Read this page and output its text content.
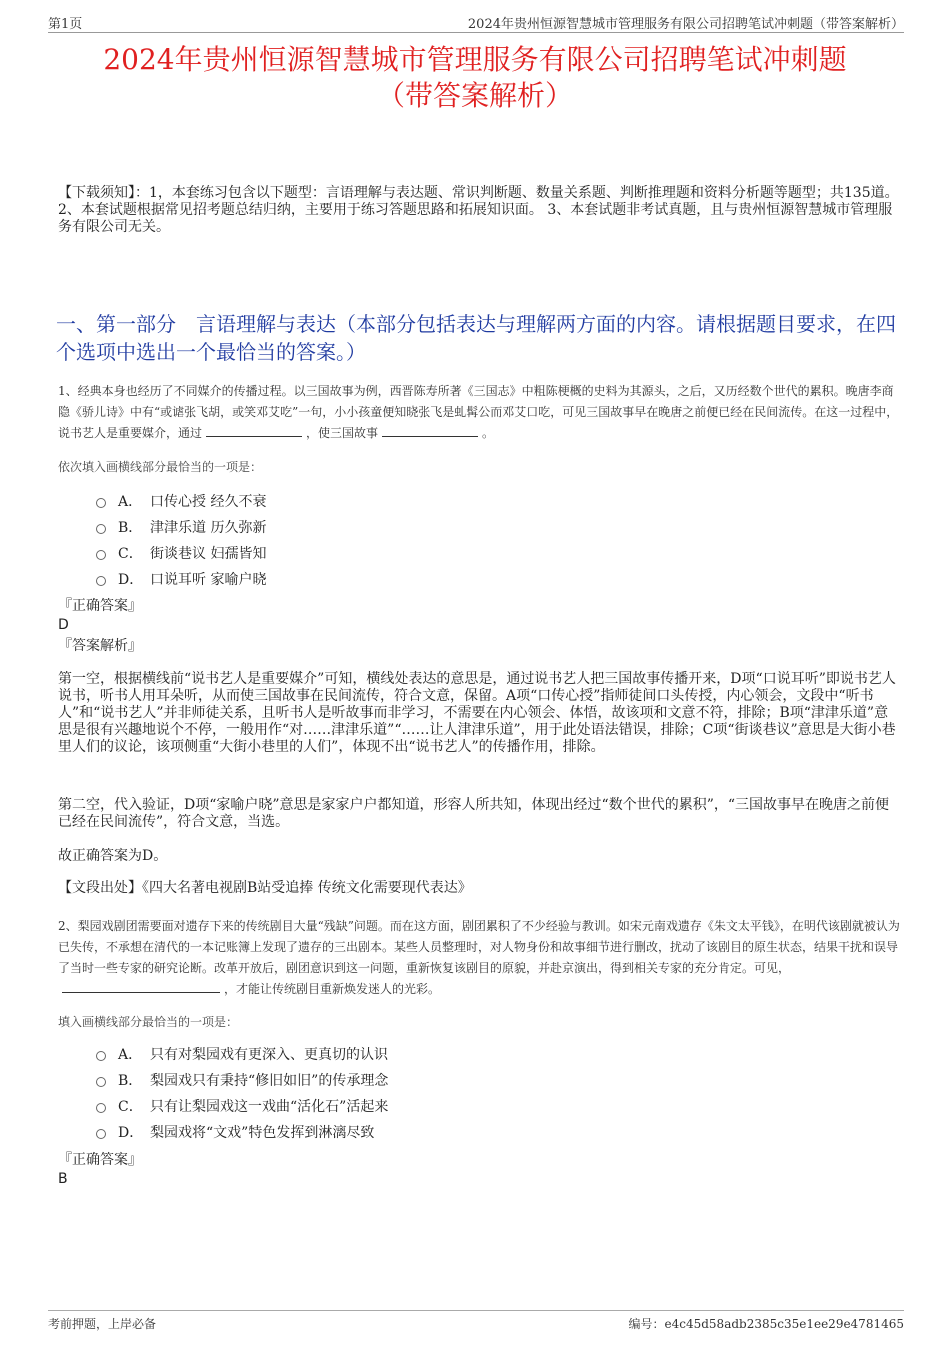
第1页	2024年贵州恒源智慧城市管理服务有限公司招聘笔试冲刺题（带答案解析）
2024年贵州恒源智慧城市管理服务有限公司招聘笔试冲刺题
（带答案解析）
【下载须知】：1，本套练习包含以下题型：言语理解与表达题、常识判断题、数量关系题、判断推理题和资料分析题等题型；共135道。 2、本套试题根据常见招考题总结归纳，主要用于练习答题思路和拓展知识面。 3、本套试题非考试真题，且与贵州恒源智慧城市管理服务有限公司无关。
一、第一部分　言语理解与表达（本部分包括表达与理解两方面的内容。请根据题目要求，在四个选项中选出一个最恰当的答案。）
1、经典本身也经历了不同媒介的传播过程。以三国故事为例，西晋陈寿所著《三国志》中粗陈梗概的史料为其源头，之后，又历经数个世代的累积。晚唐李商隐《骄儿诗》中有“或谑张飞胡，或笑邓艾吃”一句，小小孩童便知晓张飞是虬髯公而邓艾口吃，可见三国故事早在晚唐之前便已经在民间流传。在这一过程中，说书艺人是重要媒介，通过	，使三国故事	。
依次填入画横线部分最恰当的一项是：
A． 口传心授 经久不衰
B． 津津乐道 历久弥新
C． 街谈巷议 妇孺皆知
D． 口说耳听 家喻户晓
『正确答案』
D
『答案解析』
第一空，根据横线前“说书艺人是重要媒介”可知，横线处表达的意思是，通过说书艺人把三国故事传播开来，D项“口说耳听”即说书艺人说书，听书人用耳朵听，从而使三国故事在民间流传，符合文意，保留。A项“口传心授”指师徒间口头传授，内心领会，文段中“听书人”和“说书艺人”并非师徒关系，且听书人是听故事而非学习，不需要在内心领会、体悟，故该项和文意不符，排除；B项“津津乐道”意思是很有兴趣地说个不停，一般用作“对……津津乐道”“……让人津津乐道”，用于此处语法错误，排除；C项“街谈巷议”意思是大街小巷里人们的议论，该项侧重“大街小巷里的人们”，体现不出“说书艺人”的传播作用，排除。
第二空，代入验证，D项“家喻户晓”意思是家家户户都知道，形容人所共知，体现出经过“数个世代的累积”，“三国故事早在晚唐之前便已经在民间流传”，符合文意，当选。
故正确答案为D。
【文段出处】《四大名著电视剧B站受追捧 传统文化需要现代表达》
2、梨园戏剧团需要面对遗存下来的传统剧目大量“残缺”问题。而在这方面，剧团累积了不少经验与教训。如宋元南戏遗存《朱文太平钱》，在明代该剧就被认为已失传，不承想在清代的一本记账簿上发现了遗存的三出剧本。某些人员整理时，对人物身份和故事细节进行删改，扰动了该剧目的原生状态，结果干扰和误导了当时一些专家的研究论断。改革开放后，剧团意识到这一问题，重新恢复该剧目的原貌，并赴京演出，得到相关专家的充分肯定。可见，，才能让传统剧目重新焕发迷人的光彩。
填入画横线部分最恰当的一项是：
A． 只有对梨园戏有更深入、更真切的认识
B． 梨园戏只有秉持“修旧如旧”的传承理念
C． 只有让梨园戏这一戏曲“活化石”活起来
D． 梨园戏将“文戏”特色发挥到淋漓尽致
『正确答案』
B
考前押题，上岸必备	编号：e4c45d58adb2385c35e1ee29e4781465
